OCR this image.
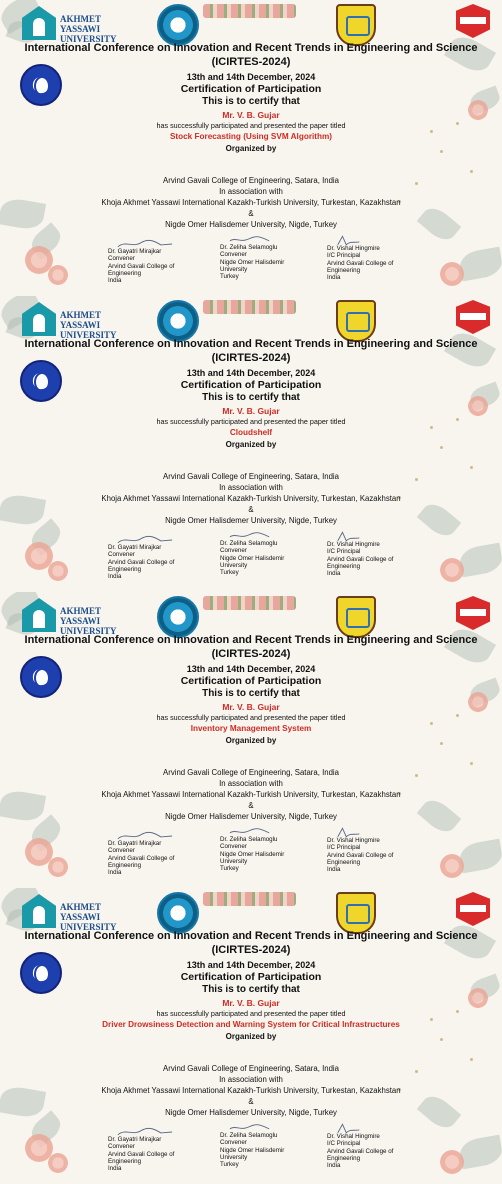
AKHMET YASSAWI
UNIVERSITY
International Conference on Innovation and Recent Trends in Engineering and Science
(ICIRTES-2024)
13th and 14th December, 2024
Certification of Participation
This is to certify that
Mr. V. B. Gujar
has successfully participated and presented the paper titled
Stock Forecasting (Using SVM Algorithm)
Organized by
Arvind Gavali College of Engineering, Satara, India
In association with
Khoja Akhmet Yassawi International Kazakh-Turkish University, Turkestan, Kazakhstan
&
Nigde Omer Halisdemer University, Nigde, Turkey
Dr. Gayatri Mirajkar
Convener
Arvind Gavali College of Engineering
India
Dr. Zeliha Selamoglu
Convener
Nigde Omer Halisdemir University
Turkey
Dr. Vishal Hingmire
I/C Principal
Arvind Gavali College of Engineering
India
AKHMET YASSAWI
UNIVERSITY
International Conference on Innovation and Recent Trends in Engineering and Science
(ICIRTES-2024)
13th and 14th December, 2024
Certification of Participation
This is to certify that
Mr. V. B. Gujar
has successfully participated and presented the paper titled
Cloudshelf
Organized by
Arvind Gavali College of Engineering, Satara, India
In association with
Khoja Akhmet Yassawi International Kazakh-Turkish University, Turkestan, Kazakhstan
&
Nigde Omer Halisdemer University, Nigde, Turkey
Dr. Gayatri Mirajkar
Convener
Arvind Gavali College of Engineering
India
Dr. Zeliha Selamoglu
Convener
Nigde Omer Halisdemir University
Turkey
Dr. Vishal Hingmire
I/C Principal
Arvind Gavali College of Engineering
India
AKHMET YASSAWI
UNIVERSITY
International Conference on Innovation and Recent Trends in Engineering and Science
(ICIRTES-2024)
13th and 14th December, 2024
Certification of Participation
This is to certify that
Mr. V. B. Gujar
has successfully participated and presented the paper titled
Inventory Management System
Organized by
Arvind Gavali College of Engineering, Satara, India
In association with
Khoja Akhmet Yassawi International Kazakh-Turkish University, Turkestan, Kazakhstan
&
Nigde Omer Halisdemer University, Nigde, Turkey
Dr. Gayatri Mirajkar
Convener
Arvind Gavali College of Engineering
India
Dr. Zeliha Selamoglu
Convener
Nigde Omer Halisdemir University
Turkey
Dr. Vishal Hingmire
I/C Principal
Arvind Gavali College of Engineering
India
AKHMET YASSAWI
UNIVERSITY
International Conference on Innovation and Recent Trends in Engineering and Science
(ICIRTES-2024)
13th and 14th December, 2024
Certification of Participation
This is to certify that
Mr. V. B. Gujar
has successfully participated and presented the paper titled
Driver Drowsiness Detection and Warning System for Critical Infrastructures
Organized by
Arvind Gavali College of Engineering, Satara, India
In association with
Khoja Akhmet Yassawi International Kazakh-Turkish University, Turkestan, Kazakhstan
&
Nigde Omer Halisdemer University, Nigde, Turkey
Dr. Gayatri Mirajkar
Convener
Arvind Gavali College of Engineering
India
Dr. Zeliha Selamoglu
Convener
Nigde Omer Halisdemir University
Turkey
Dr. Vishal Hingmire
I/C Principal
Arvind Gavali College of Engineering
India
